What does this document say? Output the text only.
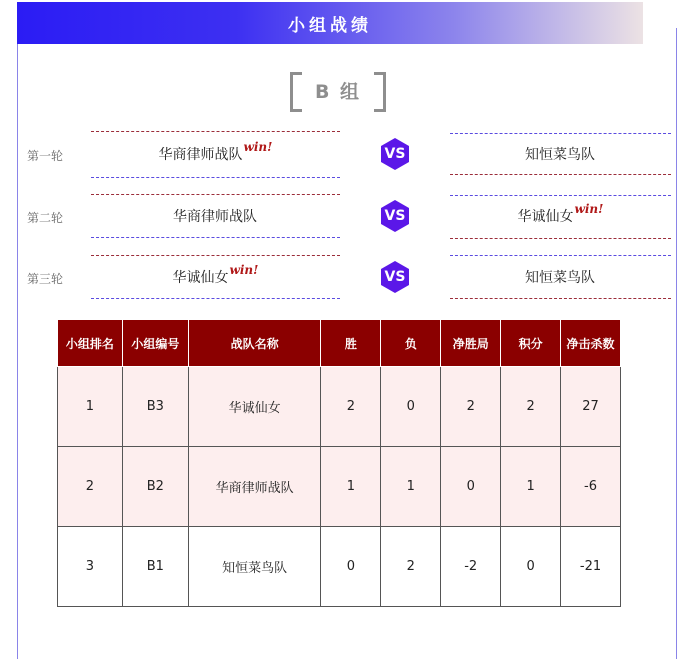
小组战绩
B 组
第一轮	华商律师战队 win!	VS	知恒菜鸟队
第二轮	华商律师战队	VS	华诚仙女 win!
第三轮	华诚仙女 win!	VS	知恒菜鸟队
小组排名	小组编号	战队名称	胜	负	净胜局	积分	净击杀数
1	B3	华诚仙女	2	0	2	2	27
2	B2	华商律师战队	1	1	0	1	-6
3	B1	知恒菜鸟队	0	2	-2	0	-21
